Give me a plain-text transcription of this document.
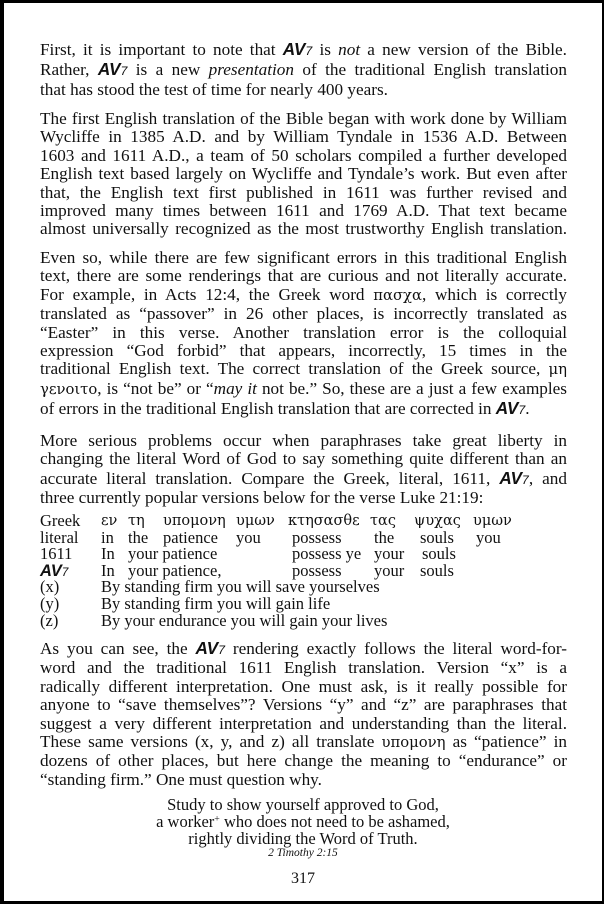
First, it is important to note that AV7 is not a new version of the Bible.
Rather, AV7 is a new presentation of the traditional English translation
that has stood the test of time for nearly 400 years.
The first English translation of the Bible began with work done by William
Wycliffe in 1385 A.D. and by William Tyndale in 1536 A.D. Between
1603 and 1611 A.D., a team of 50 scholars compiled a further developed
English text based largely on Wycliffe and Tyndale’s work. But even after
that, the English text first published in 1611 was further revised and
improved many times between 1611 and 1769 A.D. That text became
almost universally recognized as the most trustworthy English translation.
Even so, while there are few significant errors in this traditional English
text, there are some renderings that are curious and not literally accurate.
For example, in Acts 12:4, the Greek word πασχα, which is correctly
translated as “passover” in 26 other places, is incorrectly translated as
“Easter” in this verse. Another translation error is the colloquial
expression “God forbid” that appears, incorrectly, 15 times in the
traditional English text. The correct translation of the Greek source, μη
γενοιτο, is “not be” or “may it not be.” So, these are a just a few examples
of errors in the traditional English translation that are corrected in AV7.
More serious problems occur when paraphrases take great liberty in
changing the literal Word of God to say something quite different than an
accurate literal translation. Compare the Greek, literal, 1611, AV7, and
three currently popular versions below for the verse Luke 21:19:
Greek εν τη υπομονη υμων κτησασθε τας ψυχας υμων
literal in the patience you possess the souls you
1611 In your patience	possess ye your souls
AV7 In your patience,	possess your souls
(x)	By standing firm you will save yourselves
(y)	By standing firm you will gain life
(z)	By your endurance you will gain your lives
As you can see, the AV7 rendering exactly follows the literal word-for-
word and the traditional 1611 English translation. Version “x” is a
radically different interpretation. One must ask, is it really possible for
anyone to “save themselves”? Versions “y” and “z” are paraphrases that
suggest a very different interpretation and understanding than the literal.
These same versions (x, y, and z) all translate υπομονη as “patience” in
dozens of other places, but here change the meaning to “endurance” or
“standing firm.” One must question why.
Study to show yourself approved to God,
a worker+ who does not need to be ashamed,
rightly dividing the Word of Truth.
2 Timothy 2:15
317
